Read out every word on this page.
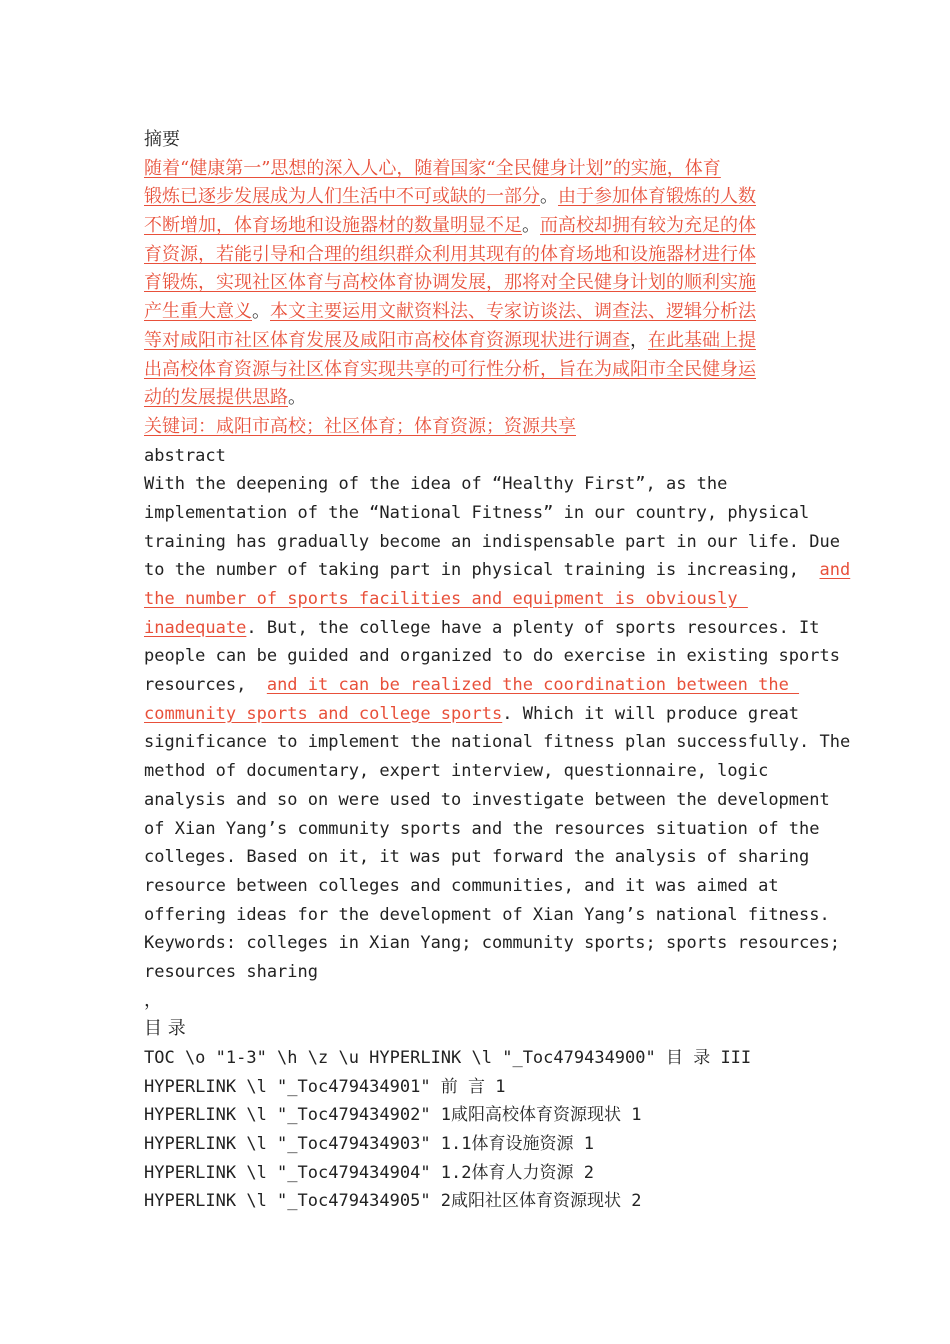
摘要
随着“健康第一”思想的深入人心，随着国家“全民健身计划”的实施，体育
锻炼已逐步发展成为人们生活中不可或缺的一部分。由于参加体育锻炼的人数
不断增加，体育场地和设施器材的数量明显不足。而高校却拥有较为充足的体
育资源，若能引导和合理的组织群众利用其现有的体育场地和设施器材进行体
育锻炼，实现社区体育与高校体育协调发展，那将对全民健身计划的顺利实施
产生重大意义。本文主要运用文献资料法、专家访谈法、调查法、逻辑分析法
等对咸阳市社区体育发展及咸阳市高校体育资源现状进行调查，在此基础上提
出高校体育资源与社区体育实现共享的可行性分析，旨在为咸阳市全民健身运
动的发展提供思路。
关键词：咸阳市高校；社区体育；体育资源；资源共享
abstract
With the deepening of the idea of “Healthy First”, as the
implementation of the “National Fitness” in our country, physical
training has gradually become an indispensable part in our life. Due
to the number of taking part in physical training is increasing,  and
the number of sports facilities and equipment is obviously
inadequate. But, the college have a plenty of sports resources. It
people can be guided and organized to do exercise in existing sports
resources,  and it can be realized the coordination between the
community sports and college sports. Which it will produce great
significance to implement the national fitness plan successfully. The
method of documentary, expert interview, questionnaire, logic
analysis and so on were used to investigate between the development
of Xian Yang’s community sports and the resources situation of the
colleges. Based on it, it was put forward the analysis of sharing
resource between colleges and communities, and it was aimed at
offering ideas for the development of Xian Yang’s national fitness.
Keywords: colleges in Xian Yang; community sports; sports resources;
resources sharing
，
目 录
TOC \o "1-3" \h \z \u HYPERLINK \l "_Toc479434900" 目 录 III
HYPERLINK \l "_Toc479434901" 前 言 1
HYPERLINK \l "_Toc479434902" 1咸阳高校体育资源现状 1
HYPERLINK \l "_Toc479434903" 1.1体育设施资源 1
HYPERLINK \l "_Toc479434904" 1.2体育人力资源 2
HYPERLINK \l "_Toc479434905" 2咸阳社区体育资源现状 2
